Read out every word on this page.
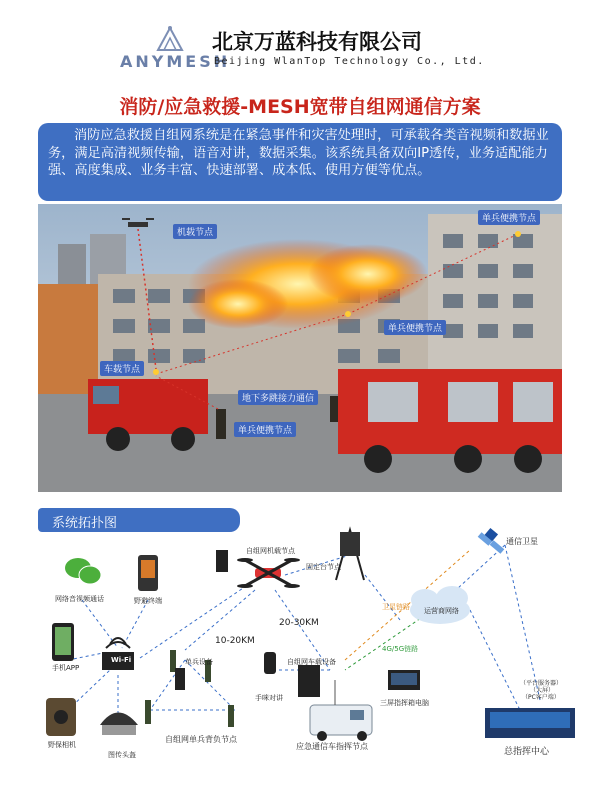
ANYMESH
北京万蓝科技有限公司
Beijing WlanTop Technology Co., Ltd.
消防/应急救援-MESH宽带自组网通信方案
消防应急救援自组网系统是在紧急事件和灾害处理时，可承载各类音视频和数据业务，满足高清视频传输，语音对讲，数据采集。该系统具备双向IP透传，业务适配能力强、高度集成、业务丰富、快速部署、成本低、使用方便等优点。
机载节点
单兵便携节点
单兵便携节点
车载节点
地下多跳接力通信
单兵便携节点
系统拓扑图
网络音视频通话	野避终端
手机APP
Wi-Fi
野保相机
图传头盔
自组网机载节点
固定台节点
通信卫星
卫星链路 运营商网络
4G/5G链路
10-20KM
20-30KM
单兵设备
手咪对讲
自组网车载设备
三屏指挥箱电脑
自组网单兵背负节点
应急通信车指挥节点
（平台服务器）
（大屏）
（PC客户端）
总指挥中心
